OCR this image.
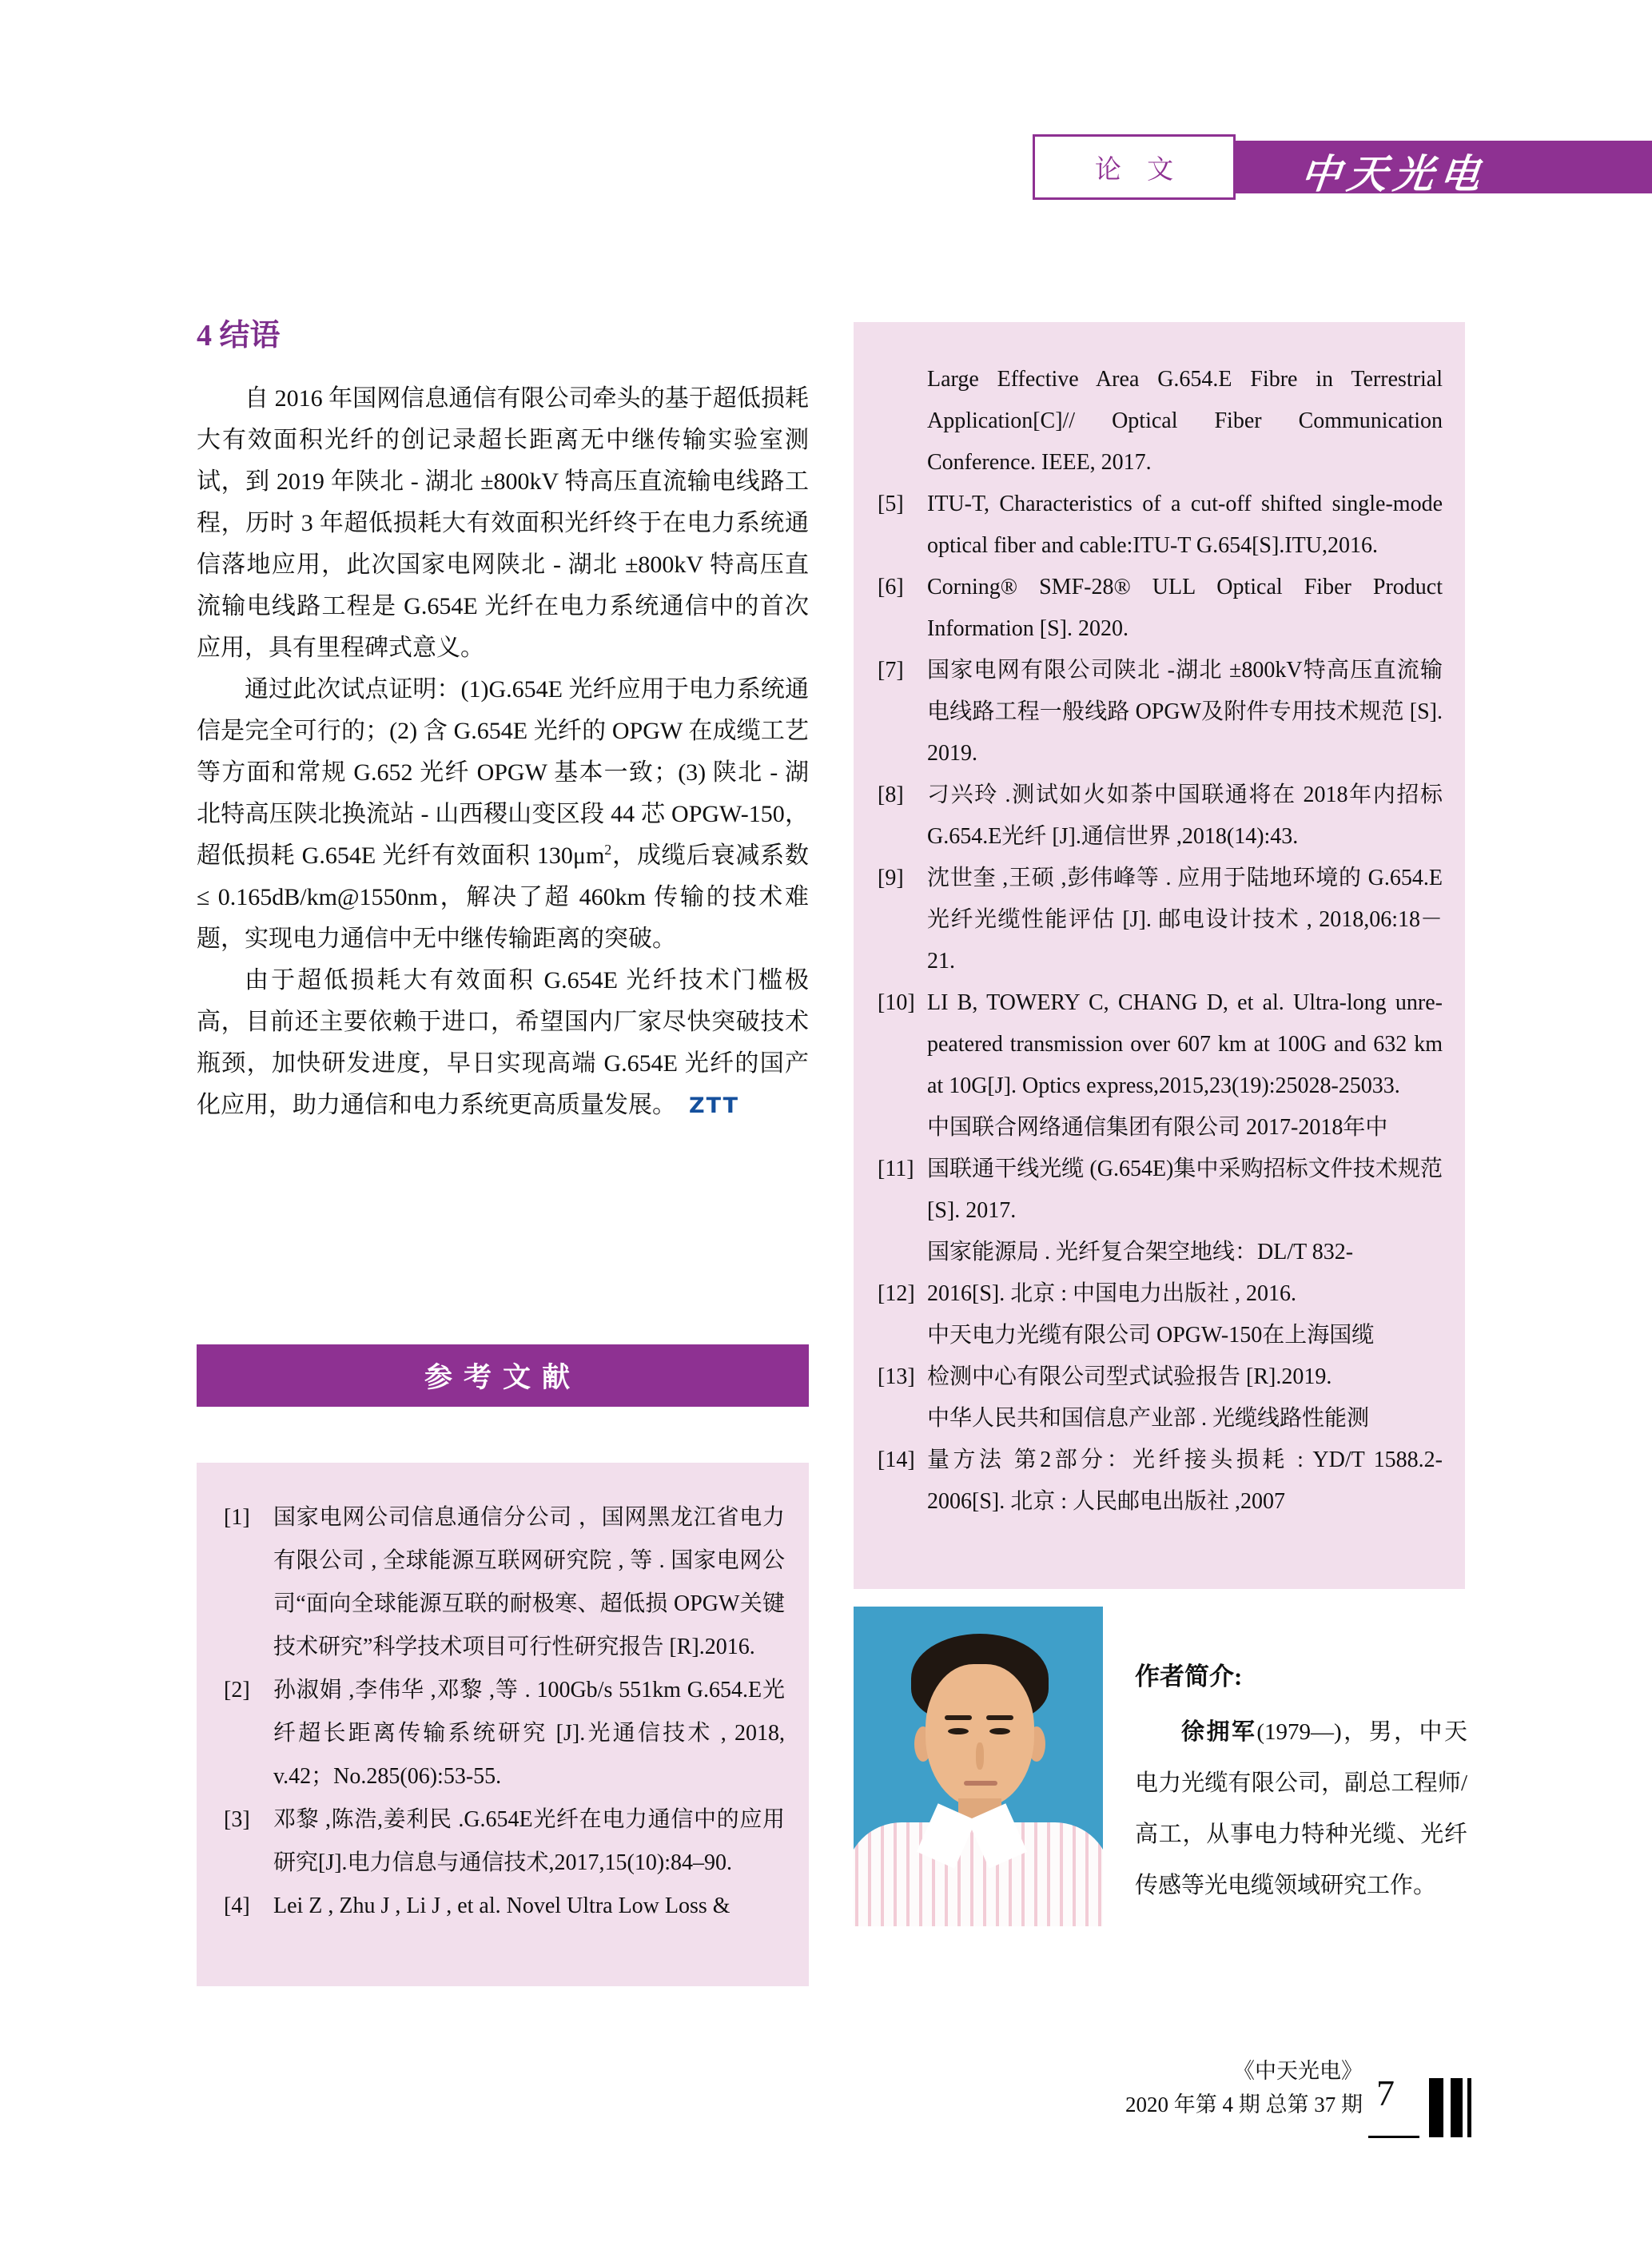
论 文	中天光电
4 结语

自 2016 年国网信息通信有限公司牵头的基于超低损耗大有效面积光纤的创记录超长距离无中继传输实验室测试，到 2019 年陕北 - 湖北 ±800kV 特高压直流输电线路工程，历时 3 年超低损耗大有效面积光纤终于在电力系统通信落地应用，此次国家电网陕北 - 湖北 ±800kV 特高压直流输电线路工程是 G.654E 光纤在电力系统通信中的首次应用，具有里程碑式意义。

通过此次试点证明：(1)G.654E 光纤应用于电力系统通信是完全可行的；(2) 含 G.654E 光纤的 OPGW 在成缆工艺等方面和常规 G.652 光纤 OPGW 基本一致；(3) 陕北 - 湖北特高压陕北换流站 - 山西稷山变区段 44 芯 OPGW-150，超低损耗 G.654E 光纤有效面积 $130\mu m^2$，成缆后衰减系数 ≤ 0.165dB/km@1550nm，解决了超 460km 传输的技术难题，实现电力通信中无中继传输距离的突破。

由于超低损耗大有效面积 G.654E 光纤技术门槛极高，目前还主要依赖于进口，希望国内厂家尽快突破技术瓶颈，加快研发进度，早日实现高端 G.654E 光纤的国产化应用，助力通信和电力系统更高质量发展。 ZTT

参考文献
[1] 国家电网公司信息通信分公司 ，国网黑龙江省电力有限公司 , 全球能源互联网研究院 , 等 . 国家电网公司“面向全球能源互联的耐极寒、超低损 OPGW关键技术研究”科学技术项目可行性研究报告 [R].2016.
[2] 孙淑娟 ,李伟华 ,邓黎 ,等 . 100Gb/s 551km G.654.E光纤超长距离传输系统研究 [J].光通信技术 , 2018, v.42；No.285(06):53-55.
[3] 邓黎 ,陈浩,姜利民 .G.654E光纤在电力通信中的应用研究[J].电力信息与通信技术,2017,15(10):84–90.
[4] Lei Z , Zhu J , Li J , et al. Novel Ultra Low Loss &
Large Effective Area G.654.E Fibre in Terrestrial Application[C]// Optical Fiber Communication Conference. IEEE, 2017.
[5] ITU-T, Characteristics of a cut-off shifted single-mode optical fiber and cable:ITU-T G.654[S].ITU,2016.
[6] Corning® SMF-28® ULL Optical Fiber Product Information [S]. 2020.
[7] 国家电网有限公司陕北 -湖北 ±800kV特高压直流输电线路工程一般线路 OPGW及附件专用技术规范 [S]. 2019.
[8] 刁兴玲 .测试如火如荼中国联通将在 2018年内招标 G.654.E光纤 [J].通信世界 ,2018(14):43.
[9] 沈世奎 ,王硕 ,彭伟峰等 . 应用于陆地环境的 G.654.E光纤光缆性能评估 [J]. 邮电设计技术 , 2018,06:18－ 21.
[10] LI B, TOWERY C, CHANG D, et al. Ultra-long unre-peatered transmission over 607 km at 100G and 632 km at 10G[J]. Optics express,2015,23(19):25028-25033.
中国联合网络通信集团有限公司 2017-2018年中
[11] 国联通干线光缆 (G.654E)集中采购招标文件技术规范 [S]. 2017.
国家能源局 . 光纤复合架空地线：DL/T 832-
[12] 2016[S]. 北京 : 中国电力出版社 , 2016.
中天电力光缆有限公司 OPGW-150在上海国缆
[13] 检测中心有限公司型式试验报告 [R].2019.
中华人民共和国信息产业部 . 光缆线路性能测
[14] 量方法 第2部分：光纤接头损耗 : YD/T 1588.2-2006[S]. 北京 : 人民邮电出版社 ,2007

作者简介:

徐拥军(1979—)，男，中天电力光缆有限公司，副总工程师/高工，从事电力特种光缆、光纤传感等光电缆领域研究工作。

《中天光电》
2020 年第 4 期 总第 37 期 7
